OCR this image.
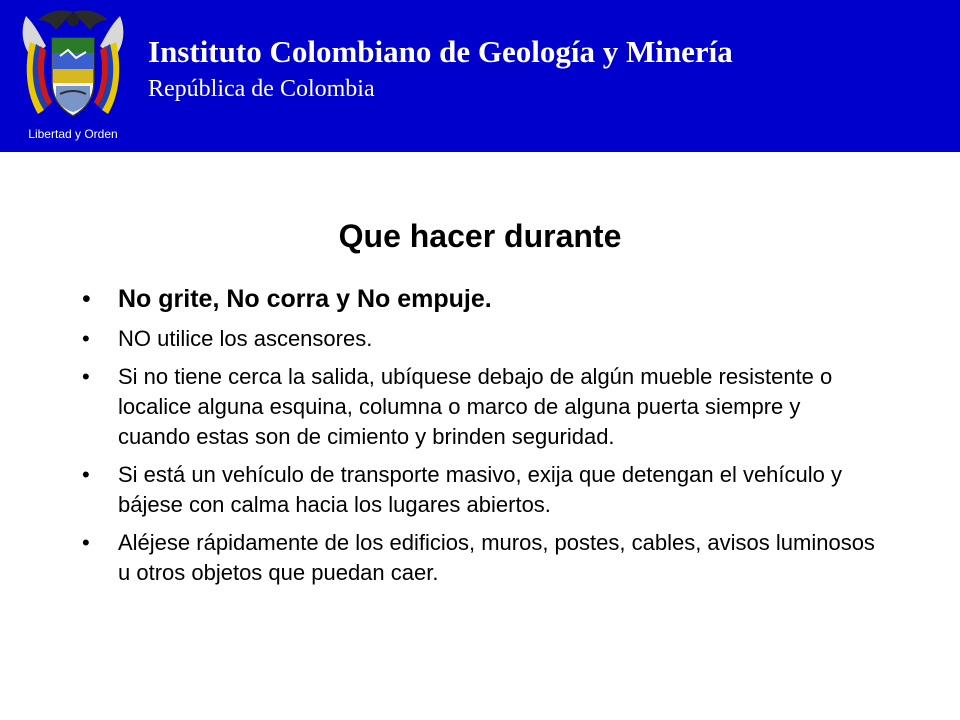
Libertad y Orden
Instituto Colombiano de Geología y Minería
República de Colombia
Que hacer durante
• No grite, No corra y No empuje.
• NO utilice los ascensores.
• Si no tiene cerca la salida, ubíquese debajo de algún mueble resistente o localice alguna esquina, columna o marco de alguna puerta siempre y cuando estas son de cimiento y brinden seguridad.
• Si está un vehículo de transporte masivo, exija que detengan el vehículo y bájese con calma hacia los lugares abiertos.
• Aléjese rápidamente de los edificios, muros, postes, cables, avisos luminosos u otros objetos que puedan caer.
